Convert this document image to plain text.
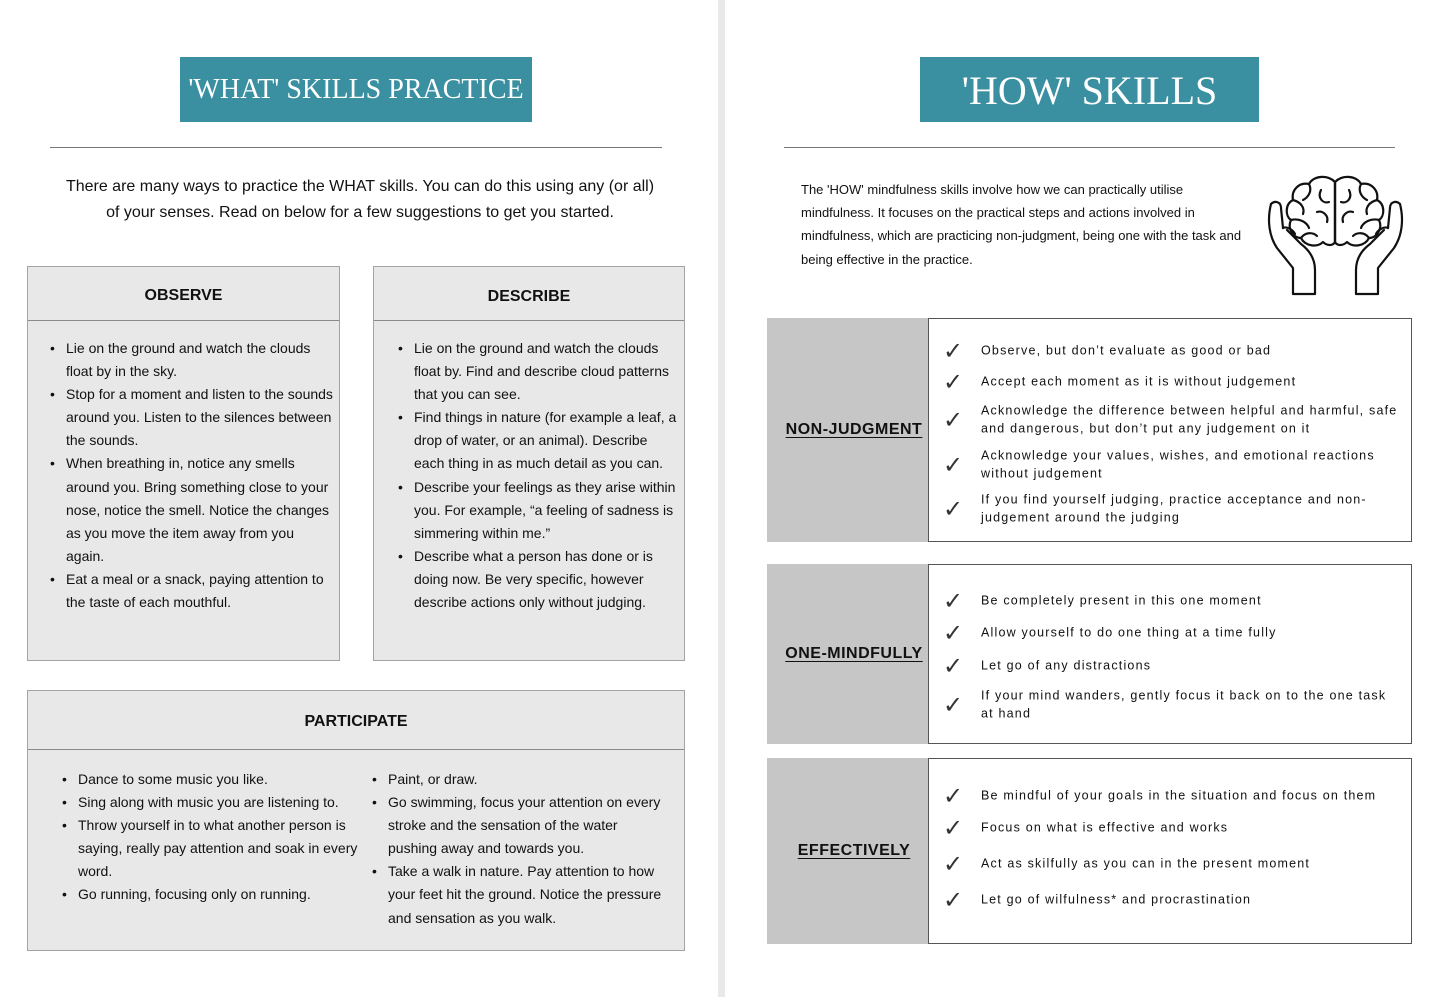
'WHAT' SKILLS PRACTICE
There are many ways to practice the WHAT skills. You can do this using any (or all)
of your senses. Read on below for a few suggestions to get you started.
OBSERVE
• Lie on the ground and watch the clouds float by in the sky.
• Stop for a moment and listen to the sounds around you. Listen to the silences between the sounds.
• When breathing in, notice any smells around you. Bring something close to your nose, notice the smell. Notice the changes as you move the item away from you again.
• Eat a meal or a snack, paying attention to the taste of each mouthful.
DESCRIBE
• Lie on the ground and watch the clouds float by. Find and describe cloud patterns that you can see.
• Find things in nature (for example a leaf, a drop of water, or an animal). Describe each thing in as much detail as you can.
• Describe your feelings as they arise within you. For example, “a feeling of sadness is simmering within me.”
• Describe what a person has done or is doing now. Be very specific, however describe actions only without judging.
PARTICIPATE
• Dance to some music you like.
• Sing along with music you are listening to.
• Throw yourself in to what another person is saying, really pay attention and soak in every word.
• Go running, focusing only on running.
• Paint, or draw.
• Go swimming, focus your attention on every stroke and the sensation of the water pushing away and towards you.
• Take a walk in nature. Pay attention to how your feet hit the ground. Notice the pressure and sensation as you walk.
'HOW' SKILLS
The 'HOW' mindfulness skills involve how we can practically utilise mindfulness. It focuses on the practical steps and actions involved in mindfulness, which are practicing non-judgment, being one with the task and being effective in the practice.
NON-JUDGMENT
✓ Observe, but don’t evaluate as good or bad
✓ Accept each moment as it is without judgement
✓ Acknowledge the difference between helpful and harmful, safe and dangerous, but don’t put any judgement on it
✓ Acknowledge your values, wishes, and emotional reactions without judgement
✓ If you find yourself judging, practice acceptance and non-judgement around the judging
ONE-MINDFULLY
✓ Be completely present in this one moment
✓ Allow yourself to do one thing at a time fully
✓ Let go of any distractions
✓ If your mind wanders, gently focus it back on to the one task at hand
EFFECTIVELY
✓ Be mindful of your goals in the situation and focus on them
✓ Focus on what is effective and works
✓ Act as skilfully as you can in the present moment
✓ Let go of wilfulness* and procrastination
